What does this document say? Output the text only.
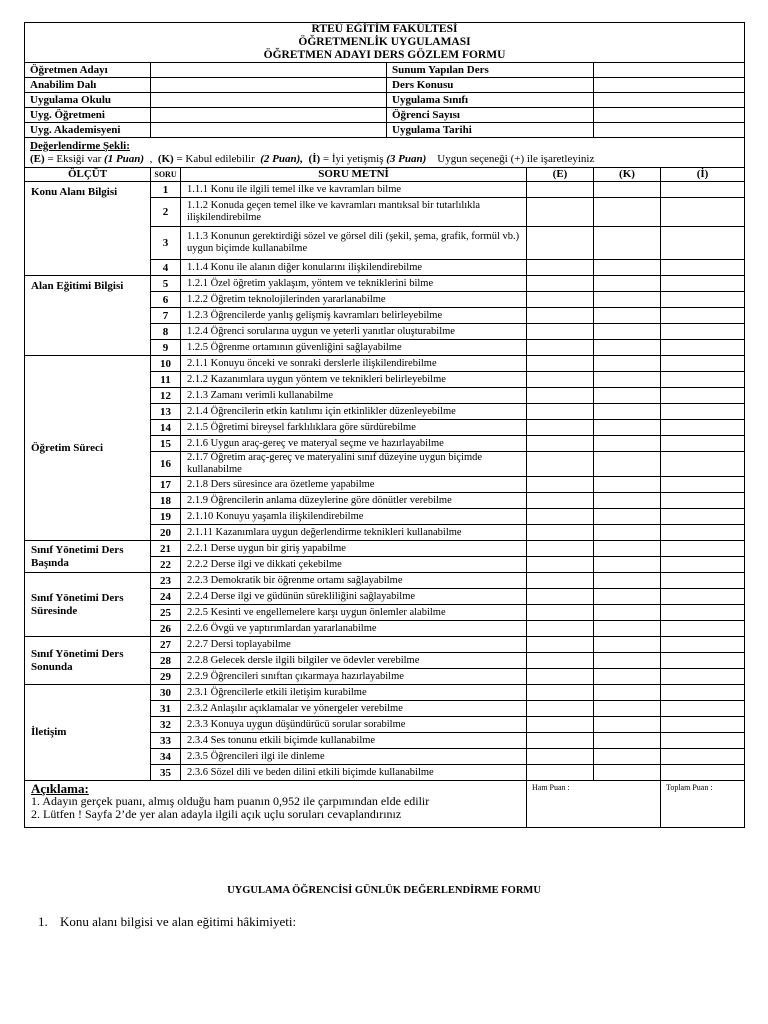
RTEÜ EĞİTİM FAKÜLTESİ
ÖĞRETMENLİK UYGULAMASI
ÖĞRETMEN ADAYI DERS GÖZLEM FORMU						

Öğretmen Adayı			Sunum Yapılan Ders			
Anabilim Dalı			Ders Konusu			
Uygulama Okulu			Uygulama Sınıfı			
Uyg. Öğretmeni			Öğrenci Sayısı			
Uyg. Akademisyeni			Uygulama Tarihi			

Değerlendirme Şekli:
(E) = Eksiği var (1 Puan)  ,  (K) = Kabul edilebilir  (2 Puan),  (İ) = İyi yetişmiş (3 Puan)    Uygun seçeneği (+) ile işaretleyiniz						

ÖLÇÜT	SORU	SORU METNİ		(E)	(K)	(İ)
Konu Alanı Bilgisi	1	1.1.1 Konu ile ilgili temel ilke ve kavramları bilme				
	2	1.1.2 Konuda geçen temel ilke ve kavramları mantıksal bir tutarlılıkla ilişkilendirebilme				
	3	1.1.3 Konunun gerektirdiği sözel ve görsel dili (şekil, şema, grafik, formül vb.) uygun biçimde kullanabilme				
	4	1.1.4 Konu ile alanın diğer konularını ilişkilendirebilme				
Alan Eğitimi Bilgisi	5	1.2.1 Özel öğretim yaklaşım, yöntem ve tekniklerini bilme				
	6	1.2.2 Öğretim teknolojilerinden yararlanabilme				
	7	1.2.3 Öğrencilerde yanlış gelişmiş kavramları belirleyebilme				
	8	1.2.4 Öğrenci sorularına uygun ve yeterli yanıtlar oluşturabilme				
	9	1.2.5 Öğrenme ortamının güvenliğini sağlayabilme				
Öğretim Süreci	10	2.1.1 Konuyu önceki ve sonraki derslerle ilişkilendirebilme				
	11	2.1.2 Kazanımlara uygun yöntem ve teknikleri belirleyebilme				
	12	2.1.3 Zamanı verimli kullanabilme				
	13	2.1.4 Öğrencilerin etkin katılımı için etkinlikler düzenleyebilme				
	14	2.1.5 Öğretimi bireysel farklılıklara göre sürdürebilme				
	15	2.1.6 Uygun araç-gereç ve materyal seçme ve hazırlayabilme				
	16	2.1.7 Öğretim araç-gereç ve materyalini sınıf düzeyine uygun biçimde kullanabilme				
	17	2.1.8 Ders süresince ara özetleme yapabilme				
	18	2.1.9 Öğrencilerin anlama düzeylerine göre dönütler verebilme				
	19	2.1.10 Konuyu yaşamla ilişkilendirebilme				
	20	2.1.11 Kazanımlara uygun değerlendirme teknikleri kullanabilme				
Sınıf Yönetimi Ders Başında	21	2.2.1 Derse uygun bir giriş yapabilme				
	22	2.2.2 Derse ilgi ve dikkati çekebilme				
Sınıf Yönetimi Ders Süresinde	23	2.2.3 Demokratik bir öğrenme ortamı sağlayabilme				
	24	2.2.4 Derse ilgi ve güdünün sürekliliğini sağlayabilme				
	25	2.2.5 Kesinti ve engellemelere karşı uygun önlemler alabilme				
	26	2.2.6 Övgü ve yaptırımlardan yararlanabilme				
Sınıf Yönetimi Ders Sonunda	27	2.2.7 Dersi toplayabilme				
	28	2.2.8 Gelecek dersle ilgili bilgiler ve ödevler verebilme				
	29	2.2.9 Öğrencileri sınıftan çıkarmaya hazırlayabilme				
İletişim	30	2.3.1 Öğrencilerle etkili iletişim kurabilme				
	31	2.3.2 Anlaşılır açıklamalar ve yönergeler verebilme				
	32	2.3.3 Konuya uygun düşündürücü sorular sorabilme				
	33	2.3.4 Ses tonunu etkili biçimde kullanabilme				
	34	2.3.5 Öğrencileri ilgi ile dinleme				
	35	2.3.6 Sözel dili ve beden dilini etkili biçimde kullanabilme				

Açıklama:
1. Adayın gerçek puanı, almış olduğu ham puanın 0,952 ile çarpımından elde edilir
2. Lütfen ! Sayfa 2’de yer alan adayla ilgili açık uçlu soruları cevaplandırınız				Ham Puan :		Toplam Puan :
UYGULAMA ÖĞRENCİSİ GÜNLÜK DEĞERLENDİRME FORMU
1. Konu alanı bilgisi ve alan eğitimi hâkimiyeti:
